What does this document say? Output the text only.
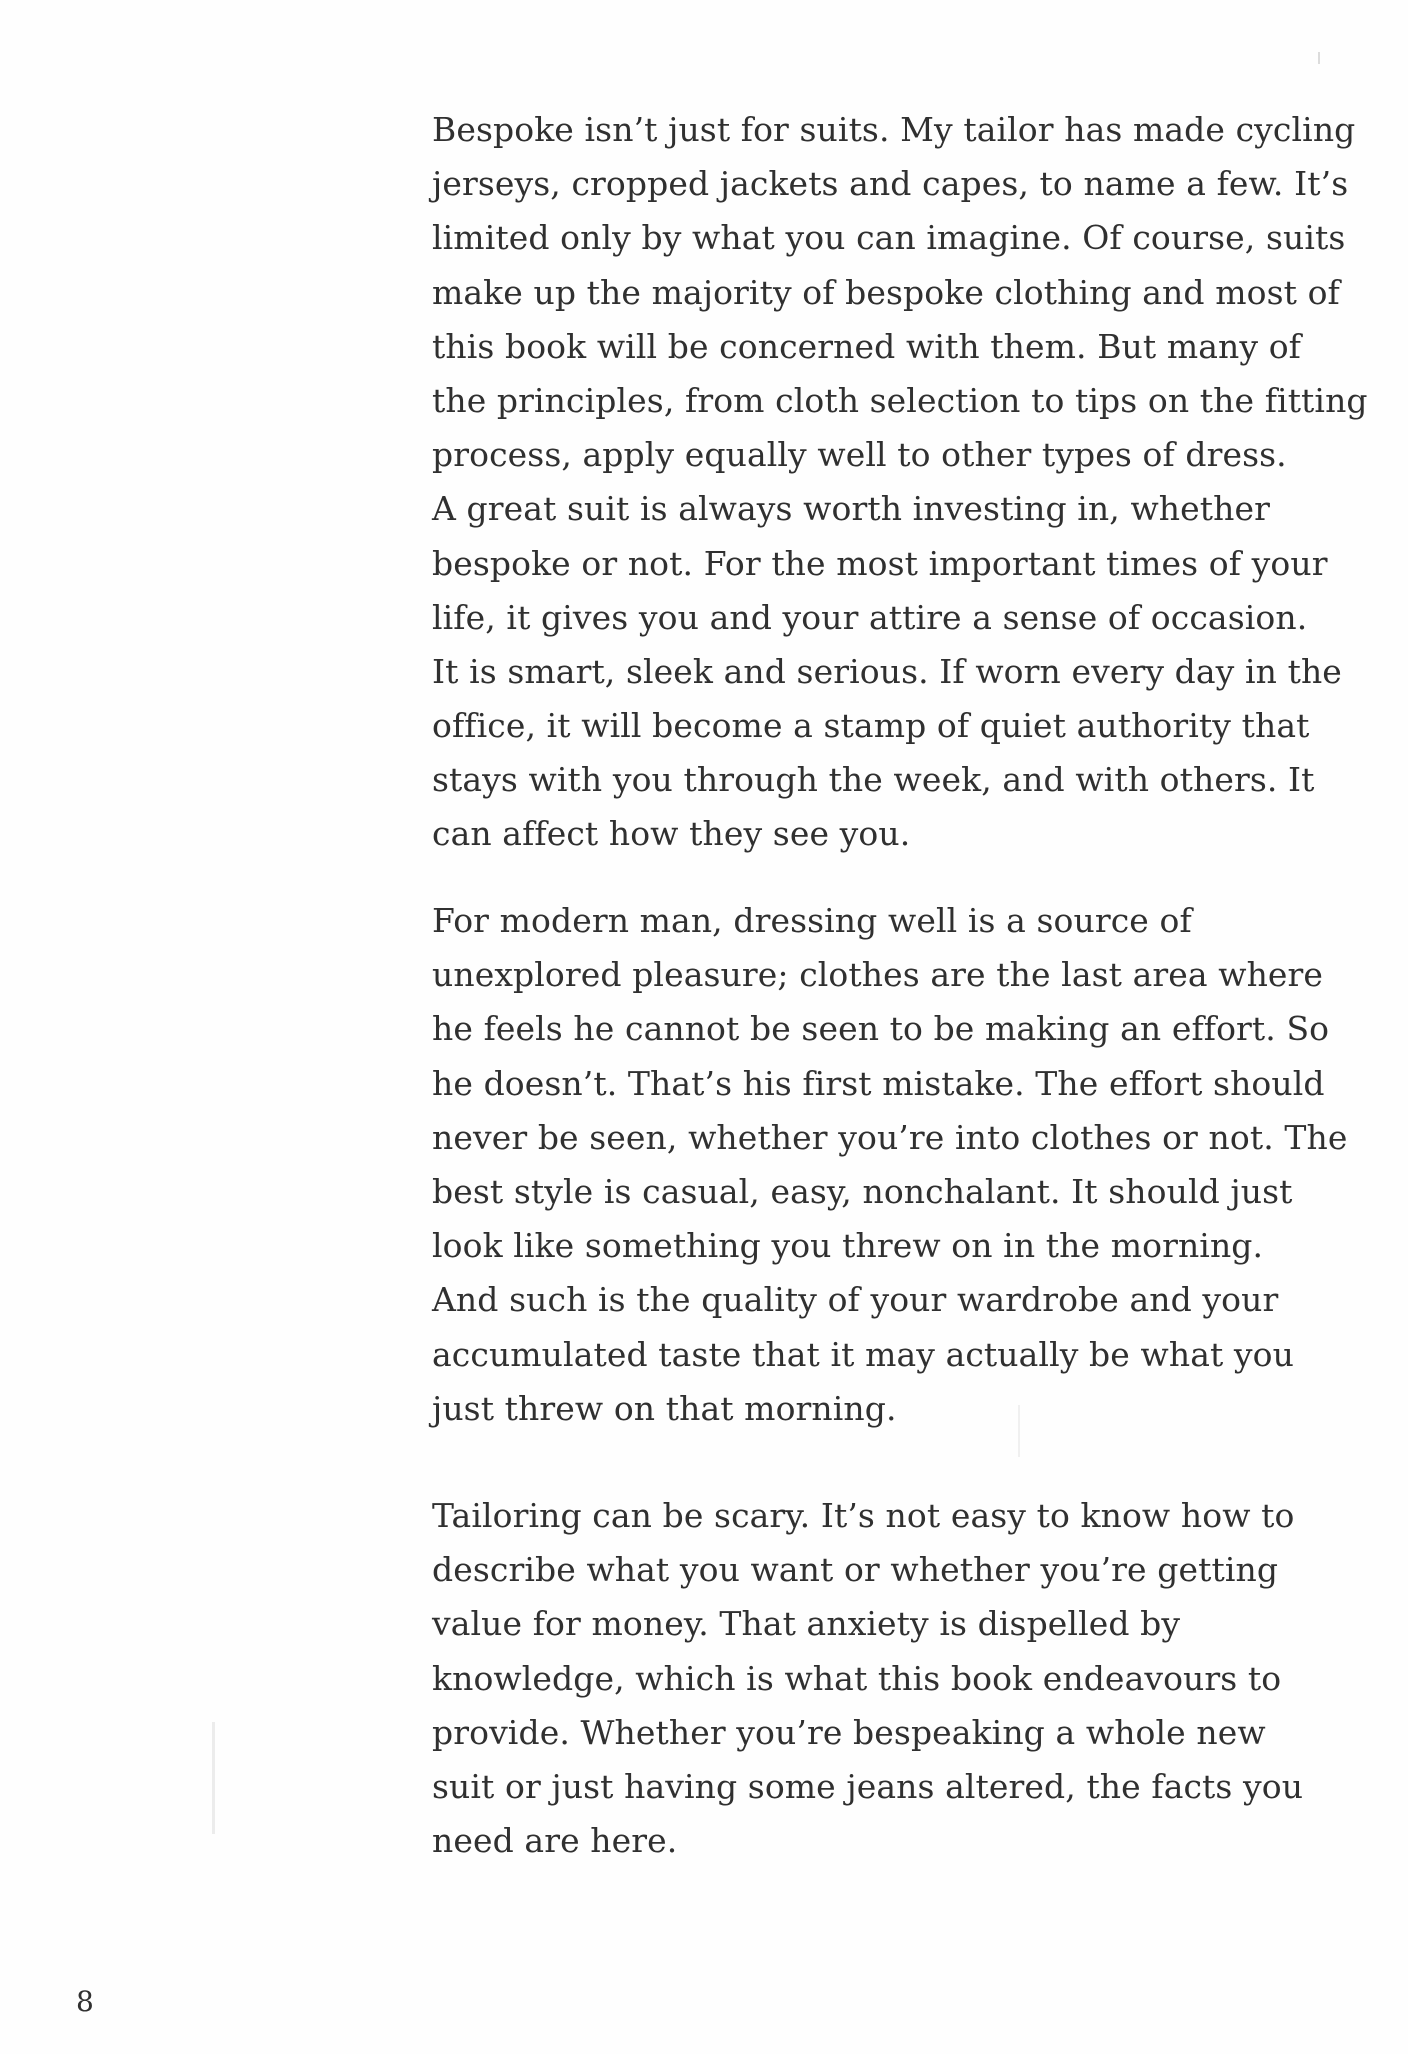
Bespoke isn’t just for suits. My tailor has made cycling
jerseys, cropped jackets and capes, to name a few. It’s
limited only by what you can imagine. Of course, suits
make up the majority of bespoke clothing and most of
this book will be concerned with them. But many of
the principles, from cloth selection to tips on the fitting
process, apply equally well to other types of dress.
A great suit is always worth investing in, whether
bespoke or not. For the most important times of your
life, it gives you and your attire a sense of occasion.
It is smart, sleek and serious. If worn every day in the
office, it will become a stamp of quiet authority that
stays with you through the week, and with others. It
can affect how they see you.

For modern man, dressing well is a source of
unexplored pleasure; clothes are the last area where
he feels he cannot be seen to be making an effort. So
he doesn’t. That’s his first mistake. The effort should
never be seen, whether you’re into clothes or not. The
best style is casual, easy, nonchalant. It should just
look like something you threw on in the morning.
And such is the quality of your wardrobe and your
accumulated taste that it may actually be what you
just threw on that morning.

Tailoring can be scary. It’s not easy to know how to
describe what you want or whether you’re getting
value for money. That anxiety is dispelled by
knowledge, which is what this book endeavours to
provide. Whether you’re bespeaking a whole new
suit or just having some jeans altered, the facts you
need are here.

8
